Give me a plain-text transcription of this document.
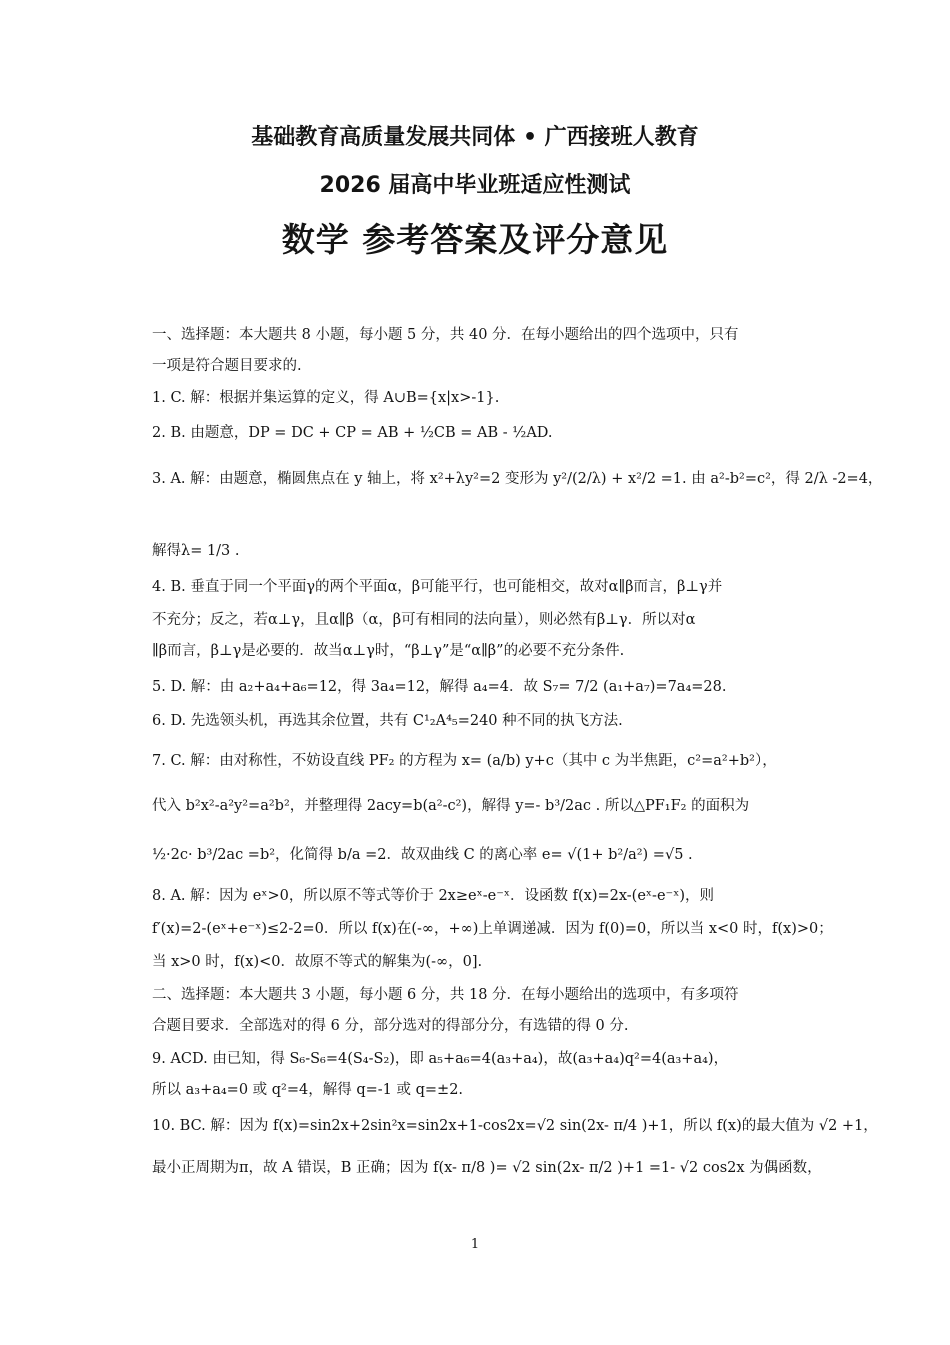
基础教育高质量发展共同体 • 广西接班人教育
2026 届高中毕业班适应性测试
数学 参考答案及评分意见
一、选择题：本大题共 8 小题，每小题 5 分，共 40 分．在每小题给出的四个选项中，只有
一项是符合题目要求的.
1. C. 解：根据并集运算的定义，得 A∪B={x|x>-1}.
2. B. 由题意，DP = DC + CP = AB + ½CB = AB - ½AD.
3. A. 解：由题意，椭圆焦点在 y 轴上，将 x²+λy²=2 变形为 y²/(2/λ) + x²/2 =1. 由 a²-b²=c²，得 2/λ -2=4，
解得λ= 1/3 .
4. B. 垂直于同一个平面γ的两个平面α，β可能平行，也可能相交，故对α∥β而言，β⊥γ并
不充分；反之，若α⊥γ，且α∥β（α，β可有相同的法向量），则必然有β⊥γ．所以对α
∥β而言，β⊥γ是必要的．故当α⊥γ时，“β⊥γ”是“α∥β”的必要不充分条件.
5. D. 解：由 a₂+a₄+a₆=12，得 3a₄=12，解得 a₄=4．故 S₇= 7/2 (a₁+a₇)=7a₄=28.
6. D. 先选领头机，再选其余位置，共有 C¹₂A⁴₅=240 种不同的执飞方法.
7. C. 解：由对称性，不妨设直线 PF₂ 的方程为 x= (a/b) y+c（其中 c 为半焦距，c²=a²+b²），
代入 b²x²-a²y²=a²b²，并整理得 2acy=b(a²-c²)，解得 y=- b³/2ac . 所以△PF₁F₂ 的面积为
½·2c· b³/2ac =b²，化简得 b/a =2．故双曲线 C 的离心率 e= √(1+ b²/a²) =√5 .
8. A. 解：因为 eˣ>0，所以原不等式等价于 2x≥eˣ-e⁻ˣ．设函数 f(x)=2x-(eˣ-e⁻ˣ)，则
f′(x)=2-(eˣ+e⁻ˣ)≤2-2=0．所以 f(x)在(-∞，+∞)上单调递减．因为 f(0)=0，所以当 x<0 时，f(x)>0；
当 x>0 时，f(x)<0．故原不等式的解集为(-∞，0].
二、选择题：本大题共 3 小题，每小题 6 分，共 18 分．在每小题给出的选项中，有多项符
合题目要求．全部选对的得 6 分，部分选对的得部分分，有选错的得 0 分.
9. ACD. 由已知，得 S₆-S₆=4(S₄-S₂)，即 a₅+a₆=4(a₃+a₄)，故(a₃+a₄)q²=4(a₃+a₄)，
所以 a₃+a₄=0 或 q²=4，解得 q=-1 或 q=±2.
10. BC. 解：因为 f(x)=sin2x+2sin²x=sin2x+1-cos2x=√2 sin(2x- π/4 )+1，所以 f(x)的最大值为 √2 +1，
最小正周期为π，故 A 错误，B 正确；因为 f(x- π/8 )= √2 sin(2x- π/2 )+1 =1- √2 cos2x 为偶函数，
1
